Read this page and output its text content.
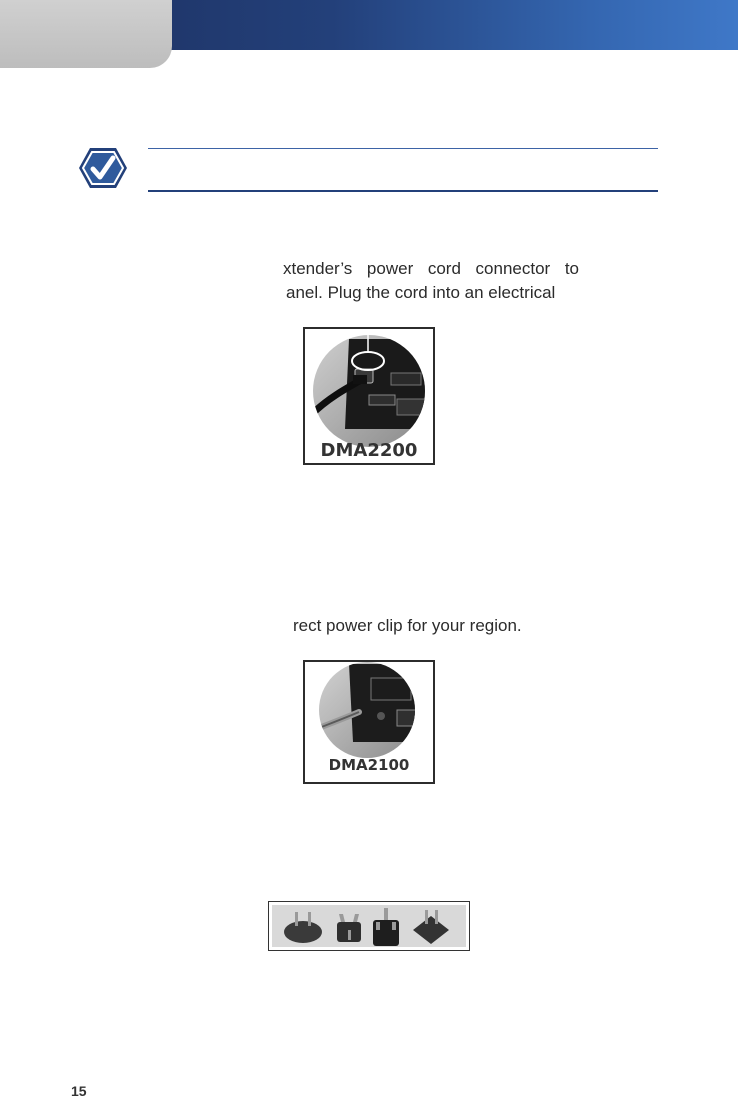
xtender’s power cord connector to
anel. Plug the cord into an electrical
DMA2200
rect power clip for your region.
DMA2100
15
